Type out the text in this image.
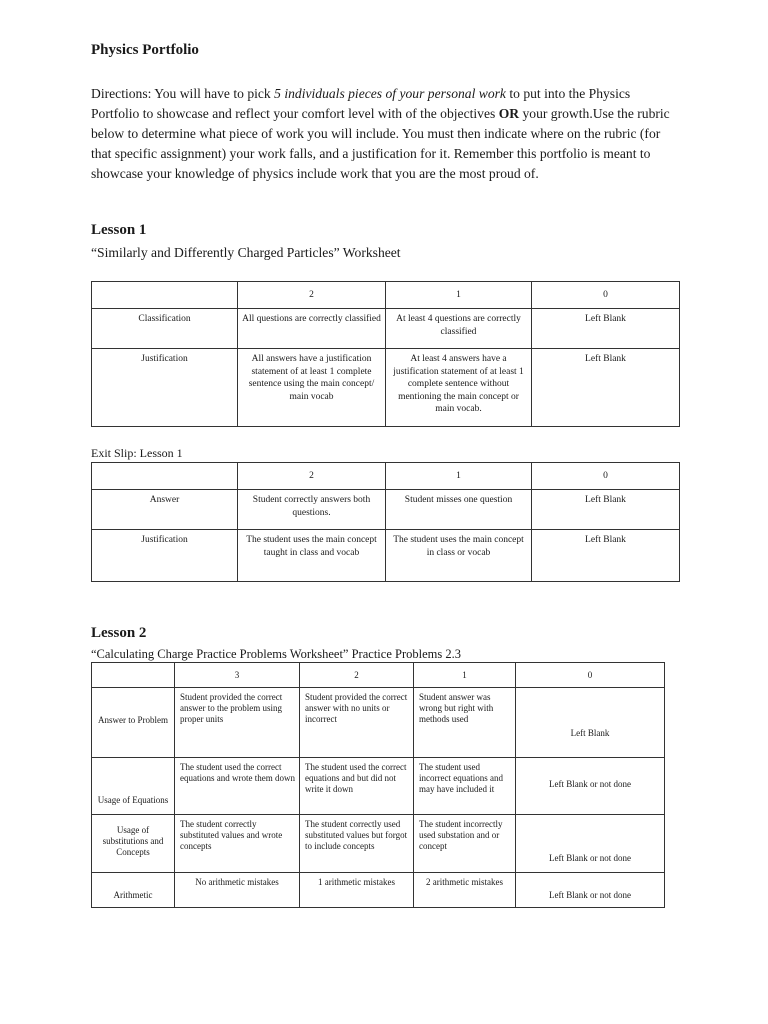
Physics Portfolio

Directions: You will have to pick 5 individuals pieces of your personal work to put into the Physics Portfolio to showcase and reflect your comfort level with of the objectives OR your growth.Use the rubric below to determine what piece of work you will include. You must then indicate where on the rubric (for that specific assignment) your work falls, and a justification for it. Remember this portfolio is meant to showcase your knowledge of physics include work that you are the most proud of.

Lesson 1

“Similarly and Differently Charged Particles” Worksheet

	2	1	0
Classification	All questions are correctly classified	At least 4 questions are correctly classified	Left Blank
Justification	All answers have a justification statement of at least 1 complete sentence using the main concept/ main vocab	At least 4 answers have a justification statement of at least 1 complete sentence without mentioning the main concept or main vocab.	Left Blank

Exit Slip: Lesson 1

	2	1	0
Answer	Student correctly answers both questions.	Student misses one question	Left Blank
Justification	The student uses the main concept taught in class and vocab	The student uses the main concept in class or vocab	Left Blank
Lesson 2

“Calculating Charge Practice Problems Worksheet” Practice Problems 2.3

	3	2	1	0
Answer to Problem	Student provided the correct answer to the problem using proper units	Student provided the correct answer with no units or incorrect	Student answer was wrong but right with methods used	Left Blank
Usage of Equations	The student used the correct equations and wrote them down	The student used the correct equations and but did not write it down	The student used incorrect equations and may have included it	Left Blank or not done
Usage of substitutions and Concepts	The student correctly substituted values and wrote concepts	The student correctly used substituted values but forgot to include concepts	The student incorrectly used substation and or concept	Left Blank or not done
Arithmetic	No arithmetic mistakes	1 arithmetic mistakes	2 arithmetic mistakes	Left Blank or not done
